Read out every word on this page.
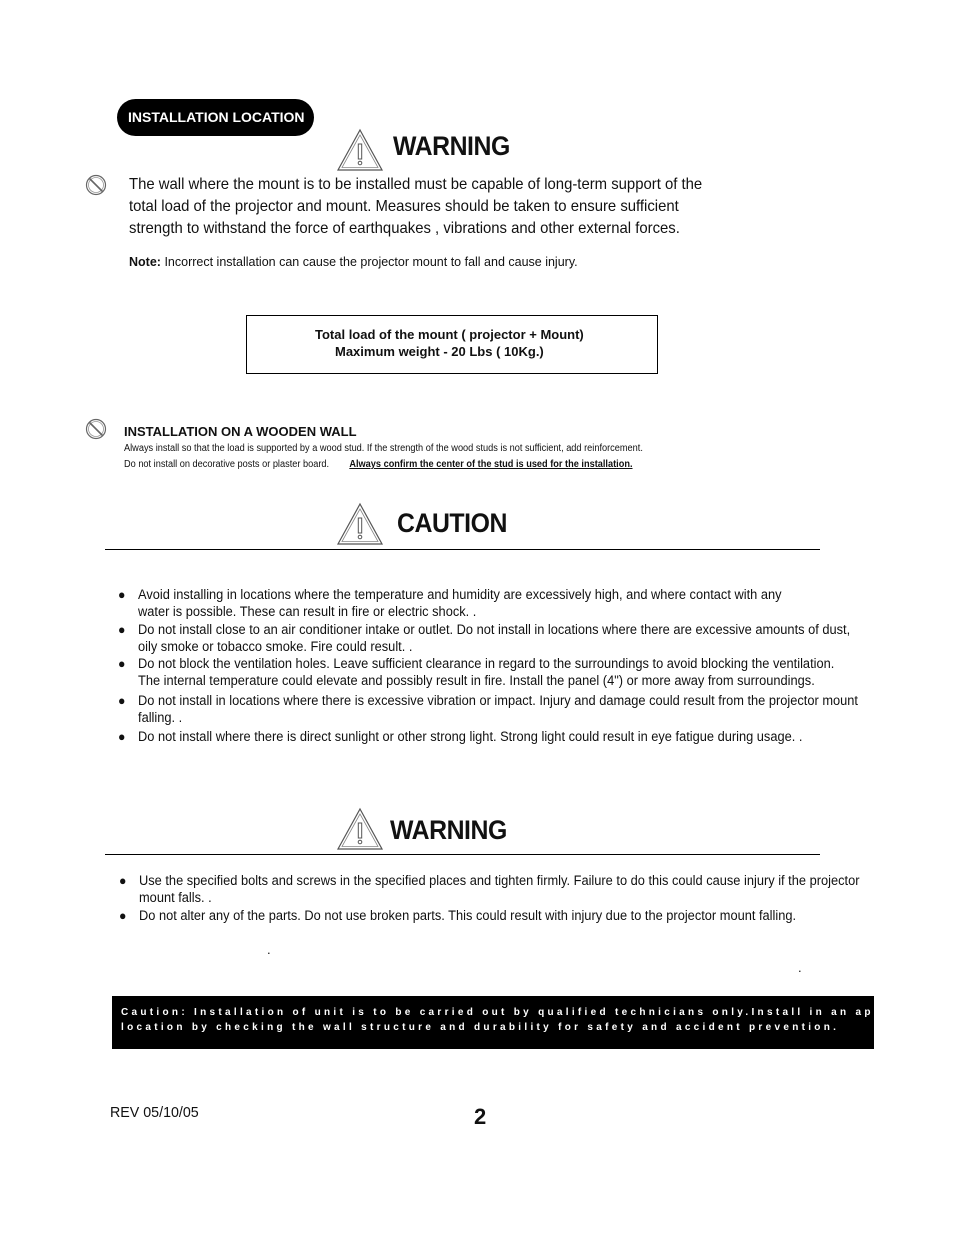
INSTALLATION LOCATION
WARNING
The wall where the mount is to be installed must be capable of long-term support of the
total load of the projector and mount. Measures should be taken to ensure sufficient
strength to withstand the force of earthquakes , vibrations and other external forces.
Note: Incorrect installation can cause the projector mount to fall and cause injury.
Total load of the mount ( projector + Mount)
Maximum weight - 20 Lbs ( 10Kg.)
INSTALLATION ON A WOODEN WALL
Always install so that the load is supported by a wood stud. If the strength of the wood studs is not sufficient, add reinforcement.
Do not install on decorative posts or plaster board. Always confirm the center of the stud is used for the installation.
CAUTION
● Avoid installing in locations where the temperature and humidity are excessively high, and where contact with any
water is possible. These can result in fire or electric shock. .
● Do not install close to an air conditioner intake or outlet. Do not install in locations where there are excessive amounts of dust,
oily smoke or tobacco smoke. Fire could result. .
● Do not block the ventilation holes. Leave sufficient clearance in regard to the surroundings to avoid blocking the ventilation.
The internal temperature could elevate and possibly result in fire. Install the panel (4") or more away from surroundings.
● Do not install in locations where there is excessive vibration or impact. Injury and damage could result from the projector mount
falling. .
● Do not install where there is direct sunlight or other strong light. Strong light could result in eye fatigue during usage. .
WARNING
● Use the specified bolts and screws in the specified places and tighten firmly. Failure to do this could cause injury if the projector
mount falls. .
● Do not alter any of the parts. Do not use broken parts. This could result with injury due to the projector mount falling.
.
.
Caution: Installation of unit is to be carried out by qualified technicians only.Install in an appropriate
location by checking the wall structure and durability for safety and accident prevention.
REV 05/10/05	2
